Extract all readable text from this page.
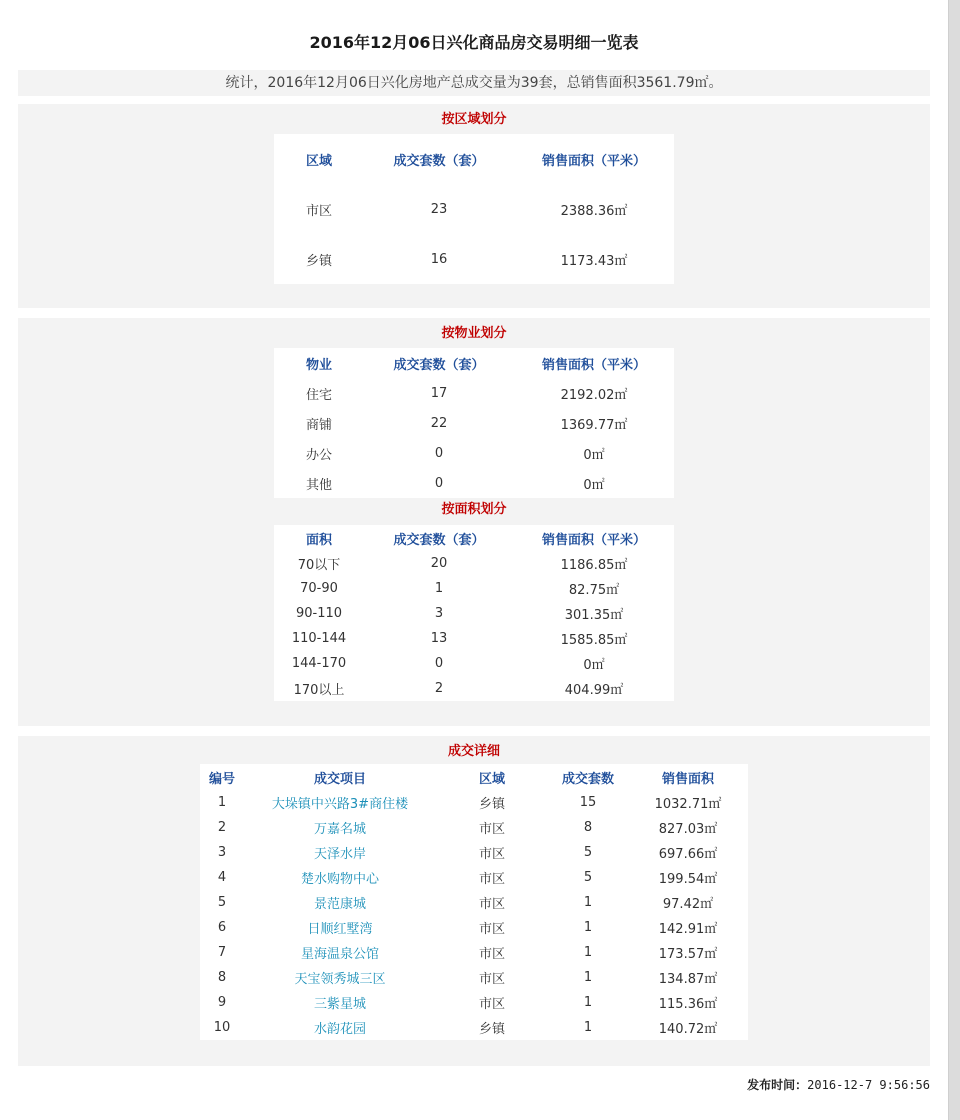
2016年12月06日兴化商品房交易明细一览表
统计，2016年12月06日兴化房地产总成交量为39套，总销售面积3561.79㎡。
按区域划分
区域	成交套数（套）	销售面积（平米）
市区	23	2388.36㎡
乡镇	16	1173.43㎡
按物业划分
物业	成交套数（套）	销售面积（平米）
住宅	17	2192.02㎡
商铺	22	1369.77㎡
办公	0	0㎡
其他	0	0㎡
按面积划分
面积	成交套数（套）	销售面积（平米）
70以下	20	1186.85㎡
70-90	1	82.75㎡
90-110	3	301.35㎡
110-144	13	1585.85㎡
144-170	0	0㎡
170以上	2	404.99㎡
成交详细
编号	成交项目	区域	成交套数	销售面积
1	大垛镇中兴路3#商住楼	乡镇	15	1032.71㎡
2	万嘉名城	市区	8	827.03㎡
3	天泽水岸	市区	5	697.66㎡
4	楚水购物中心	市区	5	199.54㎡
5	景范康城	市区	1	97.42㎡
6	日顺红墅湾	市区	1	142.91㎡
7	星海温泉公馆	市区	1	173.57㎡
8	天宝领秀城三区	市区	1	134.87㎡
9	三紫星城	市区	1	115.36㎡
10	水韵花园	乡镇	1	140.72㎡
发布时间：2016-12-7 9:56:56
